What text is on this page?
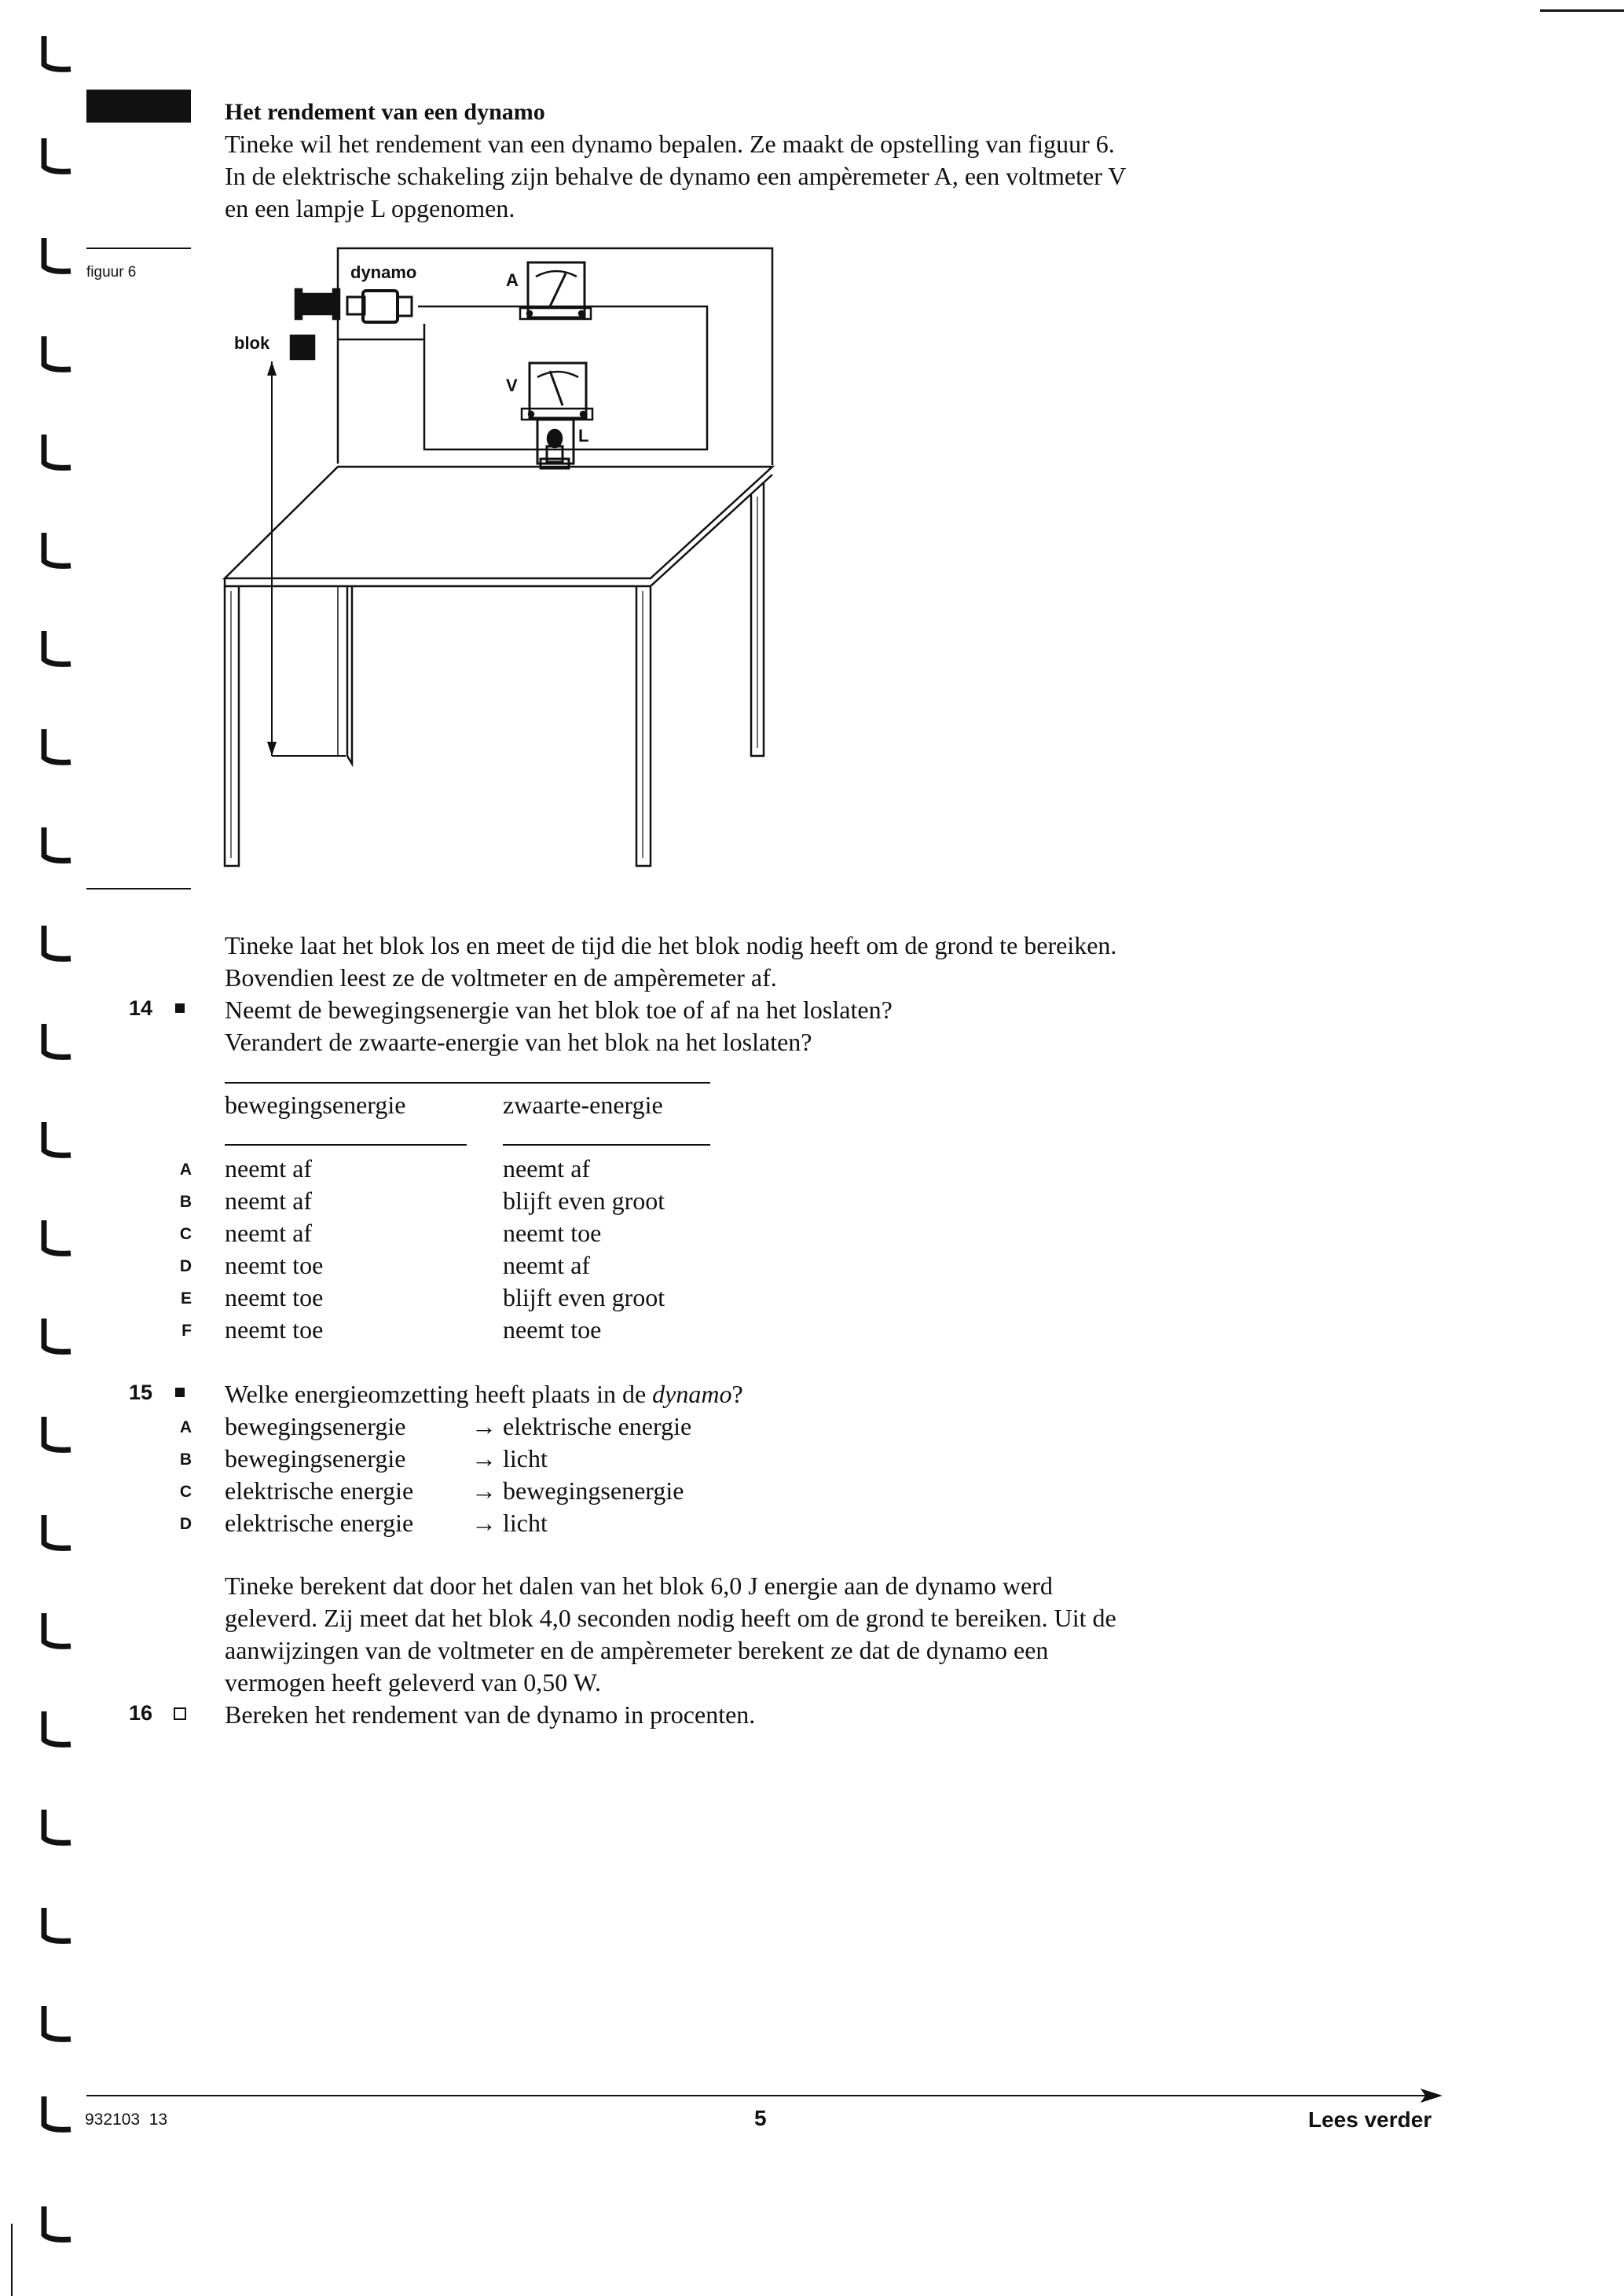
Het rendement van een dynamo
Tineke wil het rendement van een dynamo bepalen. Ze maakt de opstelling van figuur 6.
In de elektrische schakeling zijn behalve de dynamo een ampèremeter A, een voltmeter V
en een lampje L opgenomen.
figuur 6	dynamo	A
V
L
blok
Tineke laat het blok los en meet de tijd die het blok nodig heeft om de grond te bereiken.
Bovendien leest ze de voltmeter en de ampèremeter af.
14	Neemt de bewegingsenergie van het blok toe of af na het loslaten?
Verandert de zwaarte-energie van het blok na het loslaten?
bewegingsenergie	zwaarte-energie
A neemt af	neemt af
B neemt af	blijft even groot
C neemt af	neemt toe
D neemt toe	neemt af
E neemt toe	blijft even groot
F neemt toe	neemt toe
15	Welke energieomzetting heeft plaats in de dynamo?
A bewegingsenergie	→ elektrische energie
B bewegingsenergie	→ licht
C elektrische energie → bewegingsenergie
D elektrische energie → licht
Tineke berekent dat door het dalen van het blok 6,0 J energie aan de dynamo werd
geleverd. Zij meet dat het blok 4,0 seconden nodig heeft om de grond te bereiken. Uit de
aanwijzingen van de voltmeter en de ampèremeter berekent ze dat de dynamo een
vermogen heeft geleverd van 0,50 W.
16	Bereken het rendement van de dynamo in procenten.
932103  13	5	Lees verder
